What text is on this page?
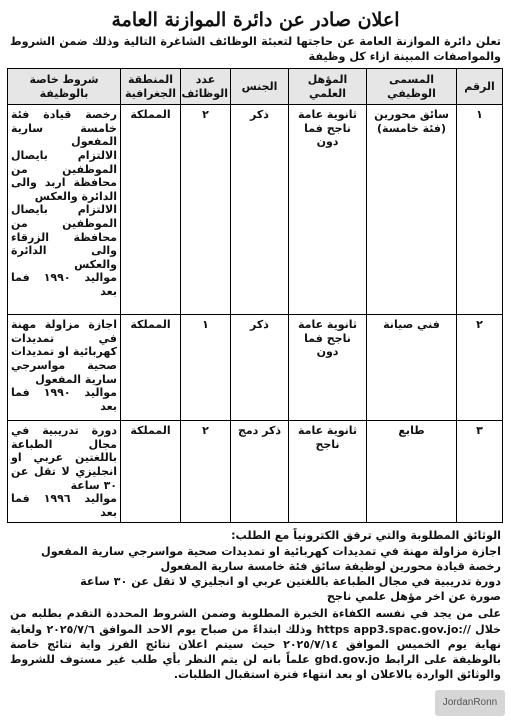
اعلان صادر عن دائرة الموازنة العامة
تعلن دائرة الموازنة العامة عن حاجتها لتعبئة الوظائف الشاغرة التالية وذلك ضمن الشروط والمواصفات المبينة ازاء كل وظيفة
الرقم	المسمى الوظيفي	المؤهل العلمي	الجنس	عدد الوظائف	المنطقة الجغرافية	شروط خاصة بالوظيفة
١	سائق محورين (فئة خامسة)	ثانوية عامة ناجح فما دون	ذكر	٢	المملكة	رخصة قيادة فئة خامسة سارية المفعول
الالتزام بايصال الموظفين من محافظة اربد والى الدائرة والعكس
الالتزام بايصال الموظفين من محافظة الزرقاء والى الدائرة والعكس
مواليد ١٩٩٠ فما بعد

٢	فني صيانة	ثانوية عامة ناجح فما دون	ذكر	١	المملكة	اجازة مزاولة مهنة في تمديدات كهربائية او تمديدات صحية مواسرجي سارية المفعول
مواليد ١٩٩٠ فما بعد

٣	طابع	ثانوية عامة ناجح	ذكر دمج	٢	المملكة	دورة تدريبية في مجال الطباعة باللغتين عربي او انجليزي لا تقل عن ٣٠ ساعة
مواليد ١٩٩٦ فما بعد
الوثائق المطلوبة والتي ترفق الكترونياً مع الطلب:
اجازة مزاولة مهنة في تمديدات كهربائية او تمديدات صحية مواسرجي سارية المفعول
رخصة قيادة محورين لوظيفة سائق فئة خامسة سارية المفعول
دورة تدريبية في مجال الطباعة باللغتين عربي او انجليزي لا تقل عن ٣٠ ساعة
صورة عن اخر مؤهل علمي ناجح
على من يجد في نفسه الكفاءة الخبرة المطلوبة وضمن الشروط المحددة التقدم بطلبه من خلال //:https app3.spac.gov.jo وذلك ابتداءً من صباح يوم الاحد الموافق ٢٠٢٥/٧/٦ ولغاية نهاية يوم الخميس الموافق ٢٠٢٥/٧/١٤ حيث سيتم اعلان نتائج الفرز واية نتائج خاصة بالوظيفة على الرابط gbd.gov.jo علماً بانه لن يتم النظر بأي طلب غير مستوف للشروط والوثائق الواردة بالاعلان او بعد انتهاء فترة استقبال الطلبات.
JordanRonn
